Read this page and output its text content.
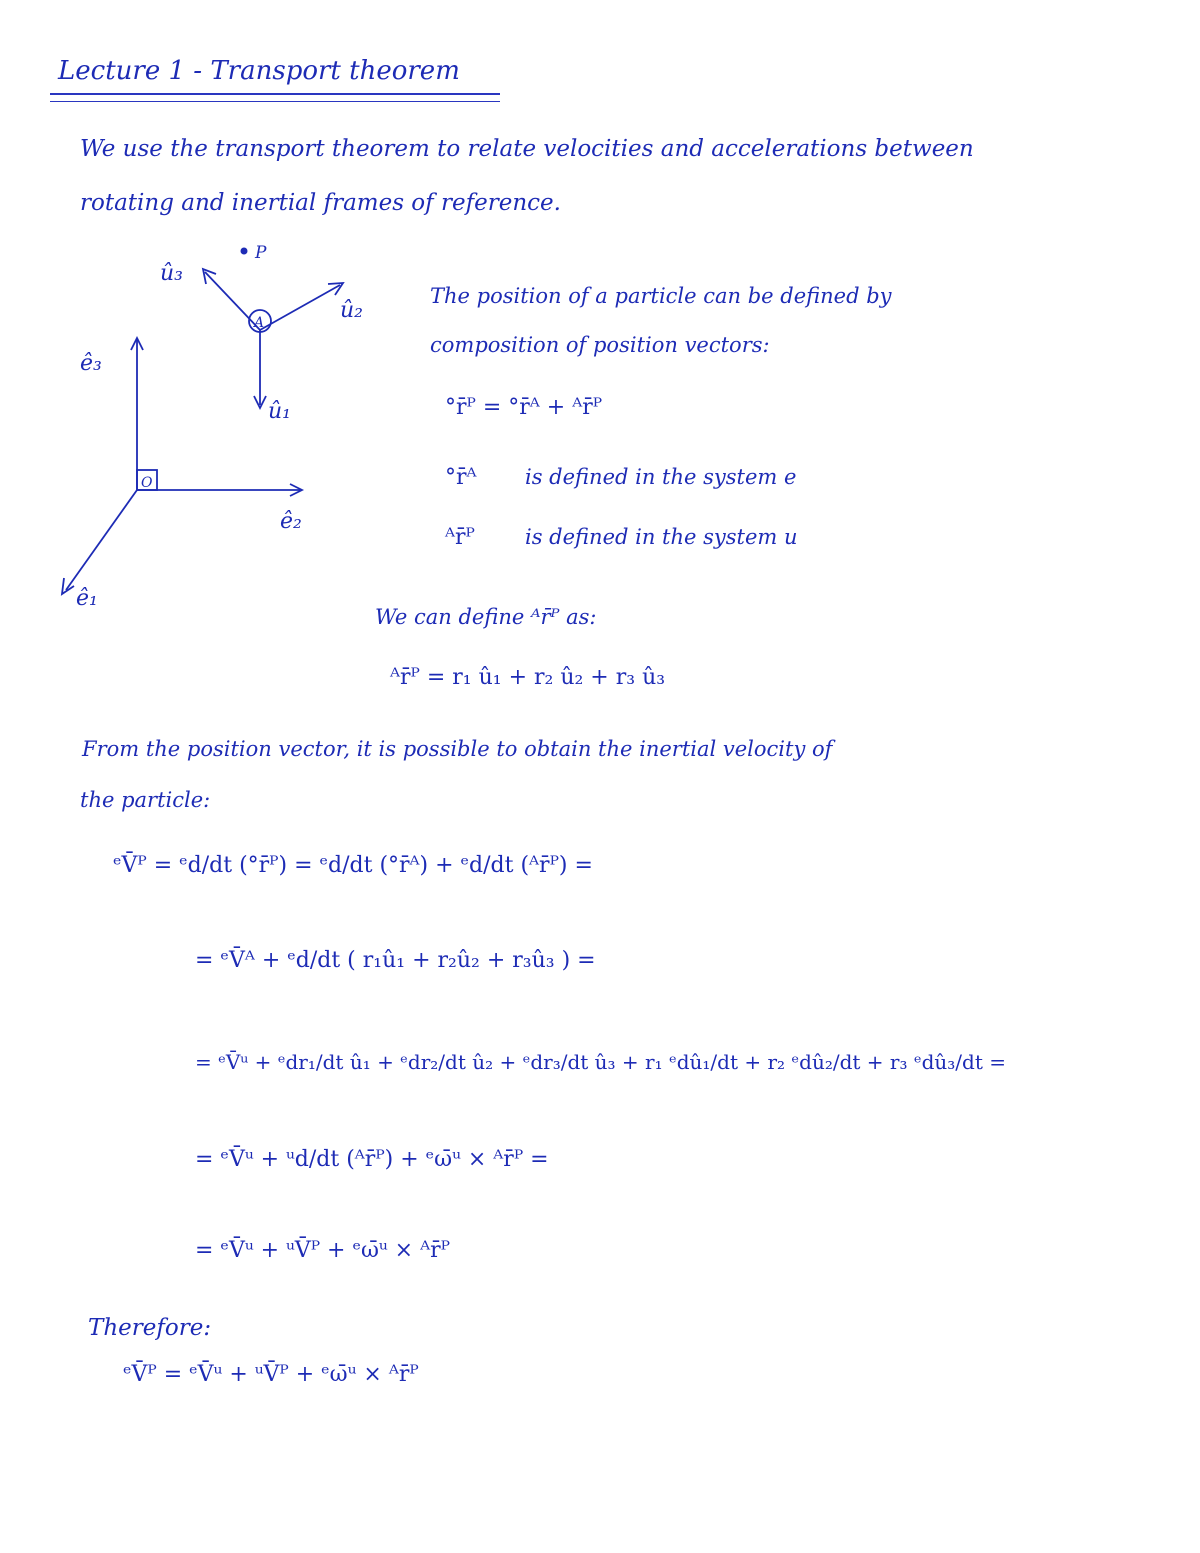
Lecture 1 - Transport theorem
We use the transport theorem to relate velocities and accelerations between
rotating and inertial frames of reference.
P
A
O
û₃
û₂
û₁
ê₃
ê₂
ê₁
The position of a particle can be defined by
composition of position vectors:
°r̄ᴾ = °r̄ᴬ + ᴬr̄ᴾ
°r̄ᴬ is defined in the system e
ᴬr̄ᴾ is defined in the system u
We can define ᴬr̄ᴾ as:
ᴬr̄ᴾ = r₁ û₁ + r₂ û₂ + r₃ û₃
From the position vector, it is possible to obtain the inertial velocity of
the particle:
ᵉV̄ᴾ = ᵉd/dt (°r̄ᴾ) = ᵉd/dt (°r̄ᴬ) + ᵉd/dt (ᴬr̄ᴾ) =
= ᵉV̄ᴬ + ᵉd/dt ( r₁û₁ + r₂û₂ + r₃û₃ ) =
= ᵉV̄ᵘ + ᵉdr₁/dt û₁ + ᵉdr₂/dt û₂ + ᵉdr₃/dt û₃ + r₁ ᵉdû₁/dt + r₂ ᵉdû₂/dt + r₃ ᵉdû₃/dt =
= ᵉV̄ᵘ + ᵘd/dt (ᴬr̄ᴾ) + ᵉω̄ᵘ × ᴬr̄ᴾ =
= ᵉV̄ᵘ + ᵘV̄ᴾ + ᵉω̄ᵘ × ᴬr̄ᴾ
Therefore:
ᵉV̄ᴾ = ᵉV̄ᵘ + ᵘV̄ᴾ + ᵉω̄ᵘ × ᴬr̄ᴾ
